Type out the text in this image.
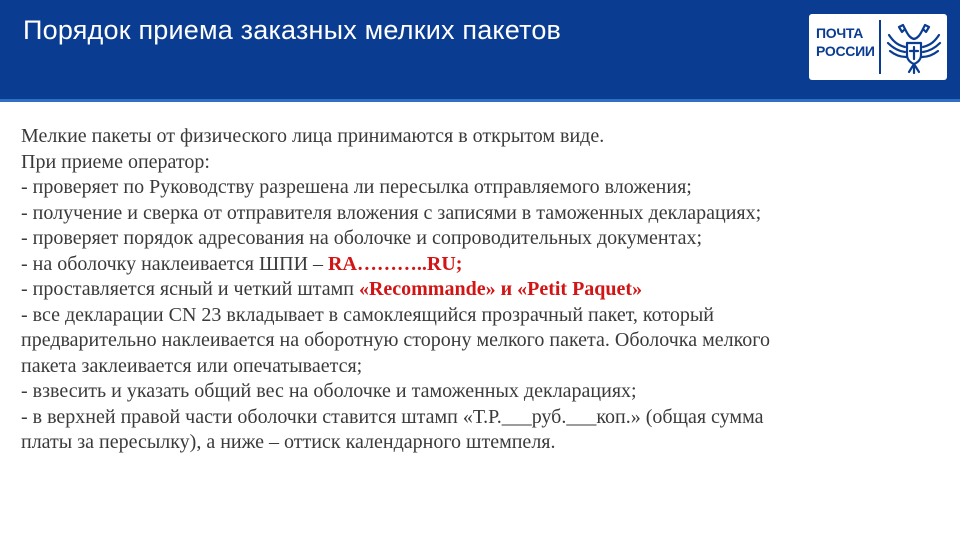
Порядок приема заказных мелких пакетов	ПОЧТА
РОССИИ

Мелкие пакеты от физического лица принимаются в открытом виде.

При приеме оператор:

- проверяет по Руководству разрешена ли пересылка отправляемого вложения;

- получение и сверка от отправителя вложения с записями в таможенных декларациях;

- проверяет порядок адресования на оболочке и сопроводительных документах;

- на оболочку наклеивается ШПИ – RA………..RU;

- проставляется ясный и четкий штамп «Recommande» и «Petit Paquet»

- все декларации CN 23 вкладывает в самоклеящийся прозрачный пакет, который

предварительно наклеивается на оборотную сторону мелкого пакета. Оболочка мелкого

пакета заклеивается или опечатывается;

- взвесить и указать общий вес на оболочке и таможенных декларациях;

- в верхней правой части оболочки ставится штамп «Т.Р.___руб.___коп.» (общая сумма

платы за пересылку), а ниже – оттиск календарного штемпеля.
